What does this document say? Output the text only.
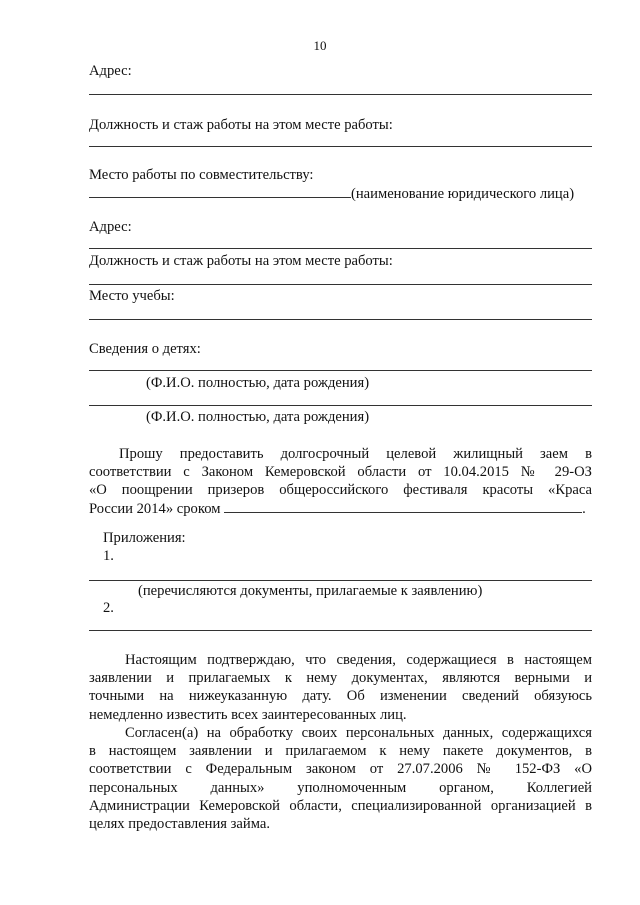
10
Адрес:
Должность и стаж работы на этом месте работы:
Место работы по совместительству:
(наименование юридического лица)
Адрес:
Должность и стаж работы на этом месте работы:
Место учебы:
Сведения о детях:
(Ф.И.О. полностью, дата рождения)
(Ф.И.О. полностью, дата рождения)
Прошу предоставить долгосрочный целевой жилищный заем в
соответствии с Законом Кемеровской области от 10.04.2015 № 29-ОЗ
«О поощрении призеров общероссийского фестиваля красоты «Краса
России 2014» сроком	.
Приложения:
1.
(перечисляются документы, прилагаемые к заявлению)
2.
Настоящим подтверждаю, что сведения, содержащиеся в настоящем
заявлении и прилагаемых к нему документах, являются верными и
точными на нижеуказанную дату. Об изменении сведений обязуюсь
немедленно известить всех заинтересованных лиц.
Согласен(а) на обработку своих персональных данных, содержащихся
в настоящем заявлении и прилагаемом к нему пакете документов, в
соответствии с Федеральным законом от 27.07.2006 № 152-ФЗ «О
персональных данных» уполномоченным органом, Коллегией
Администрации Кемеровской области, специализированной организацией в
целях предоставления займа.
